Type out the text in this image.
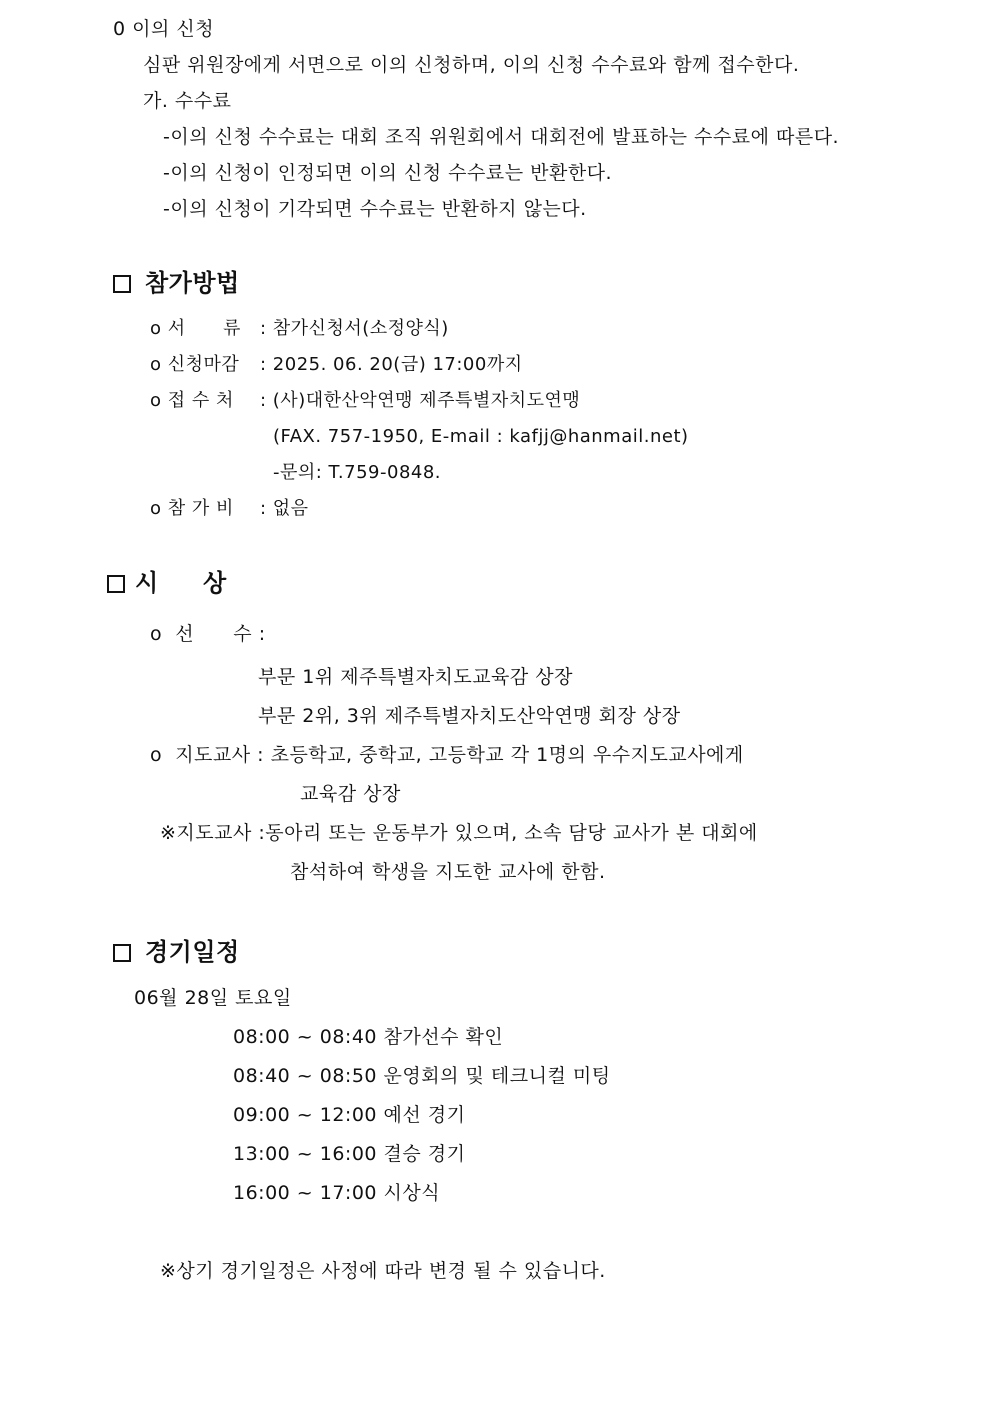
0 이의 신청
심판 위원장에게 서면으로 이의 신청하며, 이의 신청 수수료와 함께 접수한다.
가. 수수료
-이의 신청 수수료는 대회 조직 위원회에서 대회전에 발표하는 수수료에 따른다.
-이의 신청이 인정되면 이의 신청 수수료는 반환한다.
-이의 신청이 기각되면 수수료는 반환하지 않는다.
참가방법
o 서      류 : 참가신청서(소정양식)
o 신청마감 : 2025. 06. 20(금) 17:00까지
o 접 수 처 : (사)대한산악연맹 제주특별자치도연맹
(FAX. 757-1950, E-mail : kafjj@hanmail.net)
-문의: T.759-0848.
o 참 가 비 : 없음
시     상
o  선      수 :
부문 1위 제주특별자치도교육감 상장
부문 2위, 3위 제주특별자치도산악연맹 회장 상장
o  지도교사 : 초등학교, 중학교, 고등학교 각 1명의 우수지도교사에게
교육감 상장
※지도교사 :동아리 또는 운동부가 있으며, 소속 담당 교사가 본 대회에
참석하여 학생을 지도한 교사에 한함.
경기일정
06월 28일 토요일
08:00 ~ 08:40 참가선수 확인
08:40 ~ 08:50 운영회의 및 테크니컬 미팅
09:00 ~ 12:00 예선 경기
13:00 ~ 16:00 결승 경기
16:00 ~ 17:00 시상식
※상기 경기일정은 사정에 따라 변경 될 수 있습니다.
